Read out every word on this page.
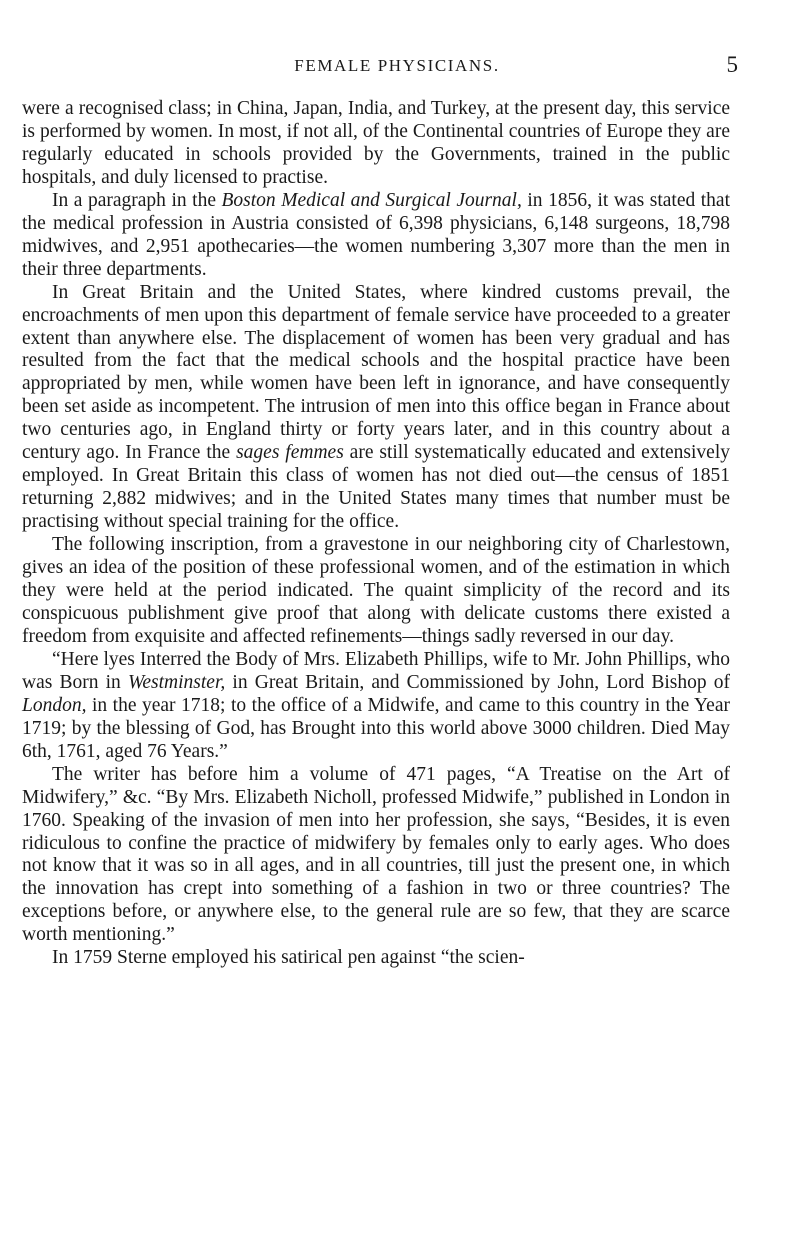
FEMALE PHYSICIANS.	5

were a recognised class; in China, Japan, India, and Turkey, at the present day, this service is performed by women. In most, if not all, of the Continental countries of Europe they are regularly educated in schools provided by the Governments, trained in the public hospitals, and duly licensed to practise.

In a paragraph in the Boston Medical and Surgical Journal, in 1856, it was stated that the medical profession in Austria consisted of 6,398 physicians, 6,148 surgeons, 18,798 midwives, and 2,951 apothecaries—the women numbering 3,307 more than the men in their three departments.

In Great Britain and the United States, where kindred customs prevail, the encroachments of men upon this department of female service have proceeded to a greater extent than anywhere else. The displacement of women has been very gradual and has resulted from the fact that the medical schools and the hospital practice have been appropriated by men, while women have been left in ignorance, and have consequently been set aside as incompetent. The intrusion of men into this office began in France about two centuries ago, in England thirty or forty years later, and in this country about a century ago. In France the sages femmes are still systematically educated and extensively employed. In Great Britain this class of women has not died out—the census of 1851 returning 2,882 midwives; and in the United States many times that number must be practising without special training for the office.

The following inscription, from a gravestone in our neighboring city of Charlestown, gives an idea of the position of these professional women, and of the estimation in which they were held at the period indicated. The quaint simplicity of the record and its conspicuous publishment give proof that along with delicate customs there existed a freedom from exquisite and affected refinements—things sadly reversed in our day.

“Here lyes Interred the Body of Mrs. Elizabeth Phillips, wife to Mr. John Phillips, who was Born in Westminster, in Great Britain, and Commissioned by John, Lord Bishop of London, in the year 1718; to the office of a Midwife, and came to this country in the Year 1719; by the blessing of God, has Brought into this world above 3000 children. Died May 6th, 1761, aged 76 Years.”

The writer has before him a volume of 471 pages, “A Treatise on the Art of Midwifery,” &c. “By Mrs. Elizabeth Nicholl, professed Midwife,” published in London in 1760. Speaking of the invasion of men into her profession, she says, “Besides, it is even ridiculous to confine the practice of midwifery by females only to early ages. Who does not know that it was so in all ages, and in all countries, till just the present one, in which the innovation has crept into something of a fashion in two or three countries? The exceptions before, or anywhere else, to the general rule are so few, that they are scarce worth mentioning.”

In 1759 Sterne employed his satirical pen against “the scien-
